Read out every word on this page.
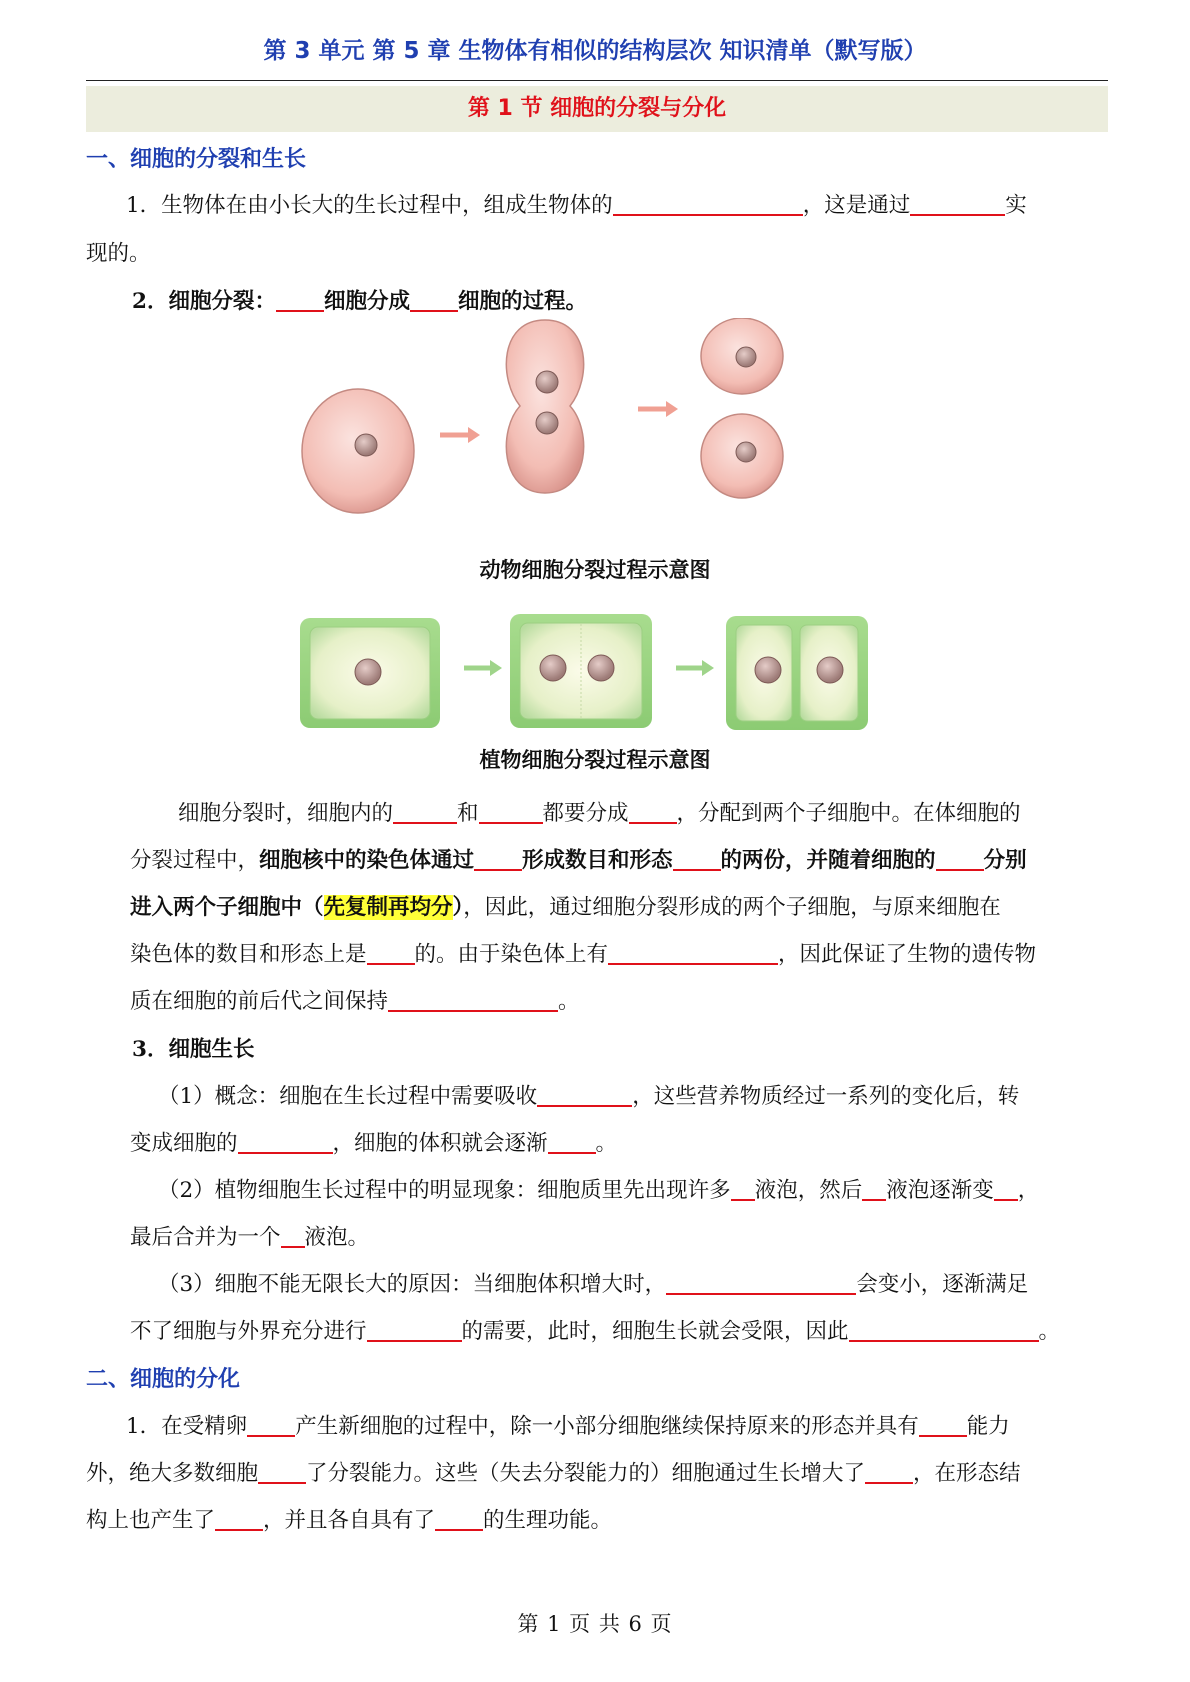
第 3 单元 第 5 章 生物体有相似的结构层次 知识清单（默写版）
第 1 节 细胞的分裂与分化
一、细胞的分裂和生长
1．生物体在由小长大的生长过程中，组成生物体的	，这是通过	实
现的。
2．细胞分裂： 细胞分成 细胞的过程。
动物细胞分裂过程示意图
植物细胞分裂过程示意图
细胞分裂时，细胞内的	和	都要分成 ，分配到两个子细胞中。在体细胞的
分裂过程中，细胞核中的染色体通过 形成数目和形态 的两份，并随着细胞的 分别
进入两个子细胞中（先复制再均分），因此，通过细胞分裂形成的两个子细胞，与原来细胞在
染色体的数目和形态上是 的。由于染色体上有	，因此保证了生物的遗传物
质在细胞的前后代之间保持	。
3．细胞生长
（1）概念：细胞在生长过程中需要吸收	，这些营养物质经过一系列的变化后，转
变成细胞的	，细胞的体积就会逐渐 。
（2）植物细胞生长过程中的明显现象：细胞质里先出现许多 液泡，然后 液泡逐渐变 ，
最后合并为一个 液泡。
（3）细胞不能无限长大的原因：当细胞体积增大时，	会变小，逐渐满足
不了细胞与外界充分进行	的需要，此时，细胞生长就会受限，因此	。
二、细胞的分化
1．在受精卵 产生新细胞的过程中，除一小部分细胞继续保持原来的形态并具有 能力
外，绝大多数细胞 了分裂能力。这些（失去分裂能力的）细胞通过生长增大了 ，在形态结
构上也产生了 ，并且各自具有了 的生理功能。
第 1 页 共 6 页
